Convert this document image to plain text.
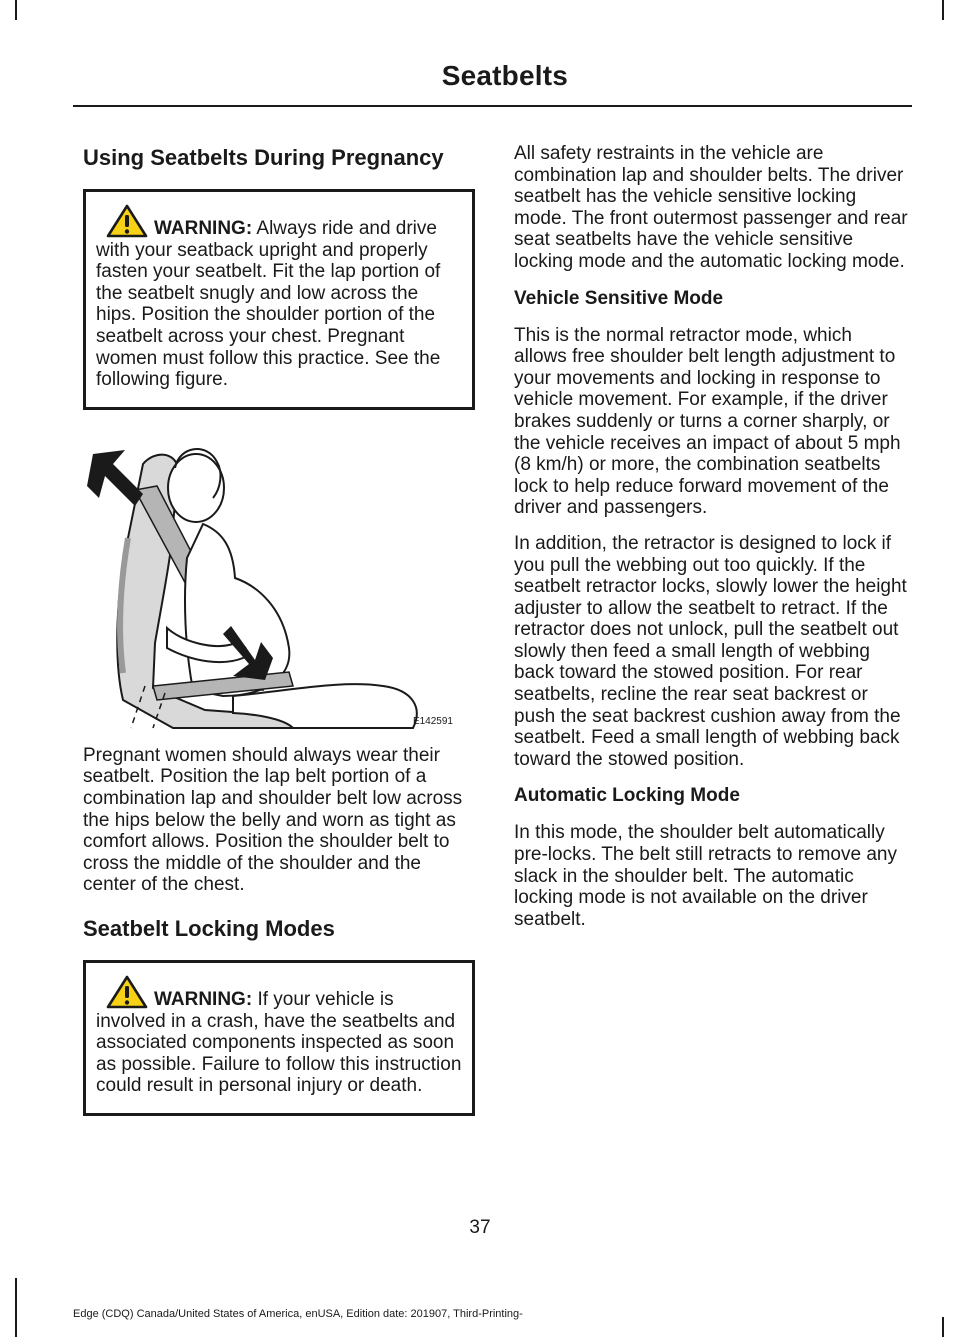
Seatbelts
Using Seatbelts During Pregnancy
WARNING: Always ride and drive with your seatback upright and properly fasten your seatbelt. Fit the lap portion of the seatbelt snugly and low across the hips. Position the shoulder portion of the seatbelt across your chest. Pregnant women must follow this practice. See the following figure.
E142591

Pregnant women should always wear their seatbelt. Position the lap belt portion of a combination lap and shoulder belt low across the hips below the belly and worn as tight as comfort allows. Position the shoulder belt to cross the middle of the shoulder and the center of the chest.

Seatbelt Locking Modes
WARNING: If your vehicle is involved in a crash, have the seatbelts and associated components inspected as soon as possible. Failure to follow this instruction could result in personal injury or death.

All safety restraints in the vehicle are combination lap and shoulder belts. The driver seatbelt has the vehicle sensitive locking mode. The front outermost passenger and rear seat seatbelts have the vehicle sensitive locking mode and the automatic locking mode.

Vehicle Sensitive Mode

This is the normal retractor mode, which allows free shoulder belt length adjustment to your movements and locking in response to vehicle movement. For example, if the driver brakes suddenly or turns a corner sharply, or the vehicle receives an impact of about 5 mph (8 km/h) or more, the combination seatbelts lock to help reduce forward movement of the driver and passengers.

In addition, the retractor is designed to lock if you pull the webbing out too quickly. If the seatbelt retractor locks, slowly lower the height adjuster to allow the seatbelt to retract. If the retractor does not unlock, pull the seatbelt out slowly then feed a small length of webbing back toward the stowed position. For rear seatbelts, recline the rear seat backrest or push the seat backrest cushion away from the seatbelt. Feed a small length of webbing back toward the stowed position.

Automatic Locking Mode

In this mode, the shoulder belt automatically pre-locks. The belt still retracts to remove any slack in the shoulder belt. The automatic locking mode is not available on the driver seatbelt.

37
Edge (CDQ) Canada/United States of America, enUSA, Edition date: 201907, Third-Printing-
